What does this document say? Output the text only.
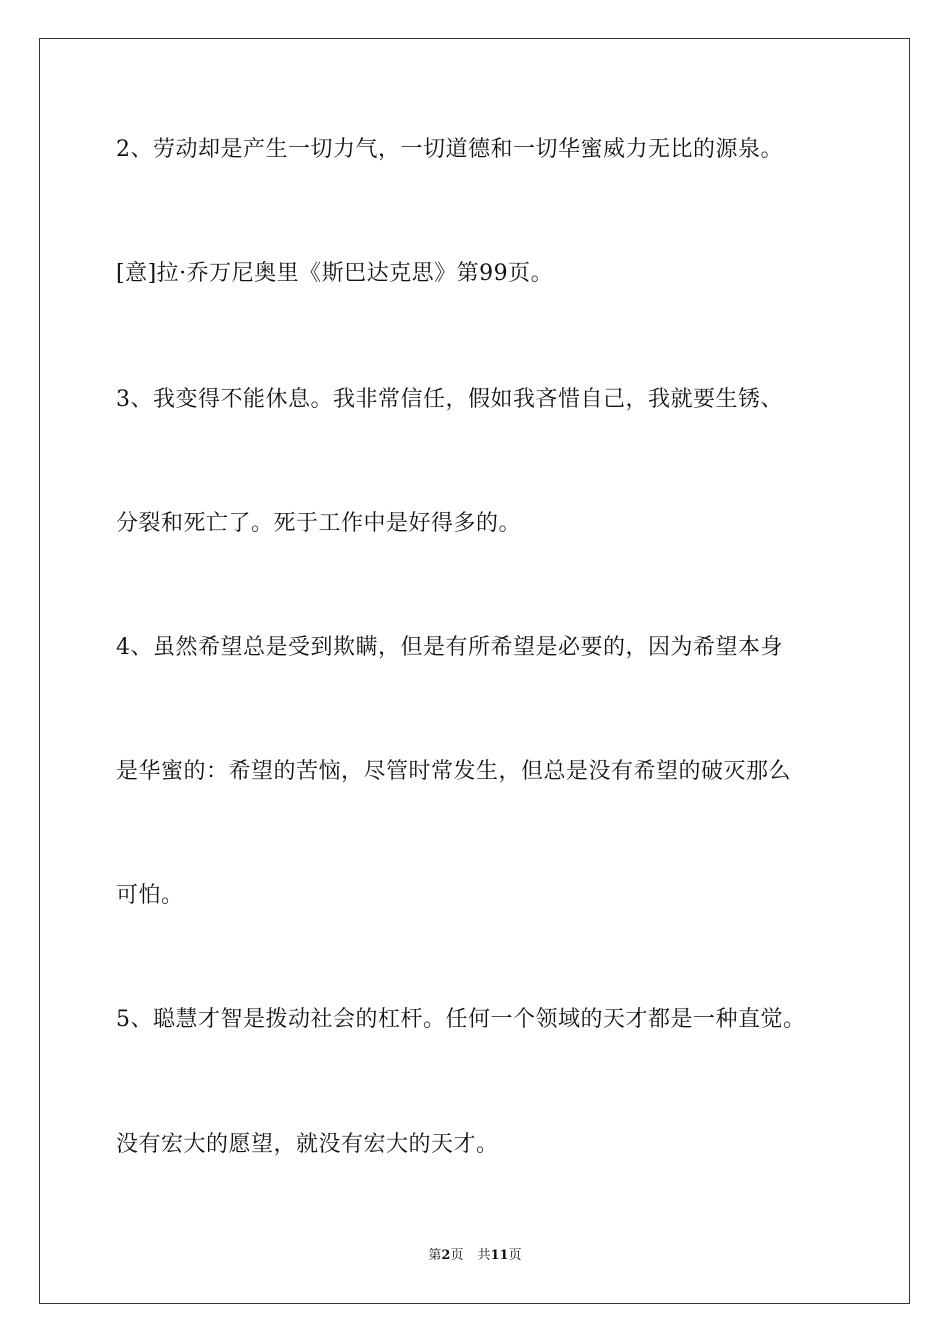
2、劳动却是产生一切力气，一切道德和一切华蜜威力无比的源泉。
[意]拉·乔万尼奥里《斯巴达克思》第99页。
3、我变得不能休息。我非常信任，假如我吝惜自己，我就要生锈、
分裂和死亡了。死于工作中是好得多的。
4、虽然希望总是受到欺瞒，但是有所希望是必要的，因为希望本身
是华蜜的：希望的苦恼，尽管时常发生，但总是没有希望的破灭那么
可怕。
5、聪慧才智是拨动社会的杠杆。任何一个领域的天才都是一种直觉。
没有宏大的愿望，就没有宏大的天才。
第2页 共11页
